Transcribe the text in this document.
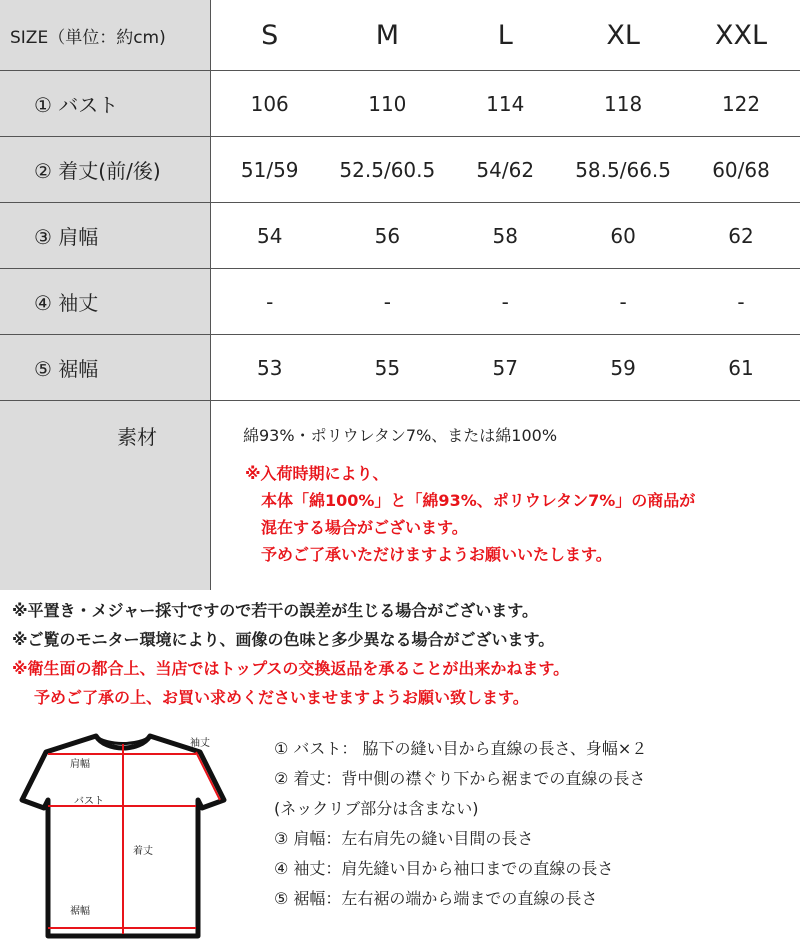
SIZE（単位：約cm)	S	M	L	XL	XXL
① バスト	106	110	114	118	122
② 着丈(前/後)	51/59	52.5/60.5	54/62	58.5/66.5	60/68
③ 肩幅	54	56	58	60	62
④ 袖丈	-	-	-	-	-
⑤ 裾幅	53	55	57	59	61
素材	綿93%・ポリウレタン7%、または綿100%
※入荷時期により、
　本体「綿100%」と「綿93%、ポリウレタン7%」の商品が
　混在する場合がございます。
　予めご了承いただけますようお願いいたします。				
※平置き・メジャー採寸ですので若干の誤差が生じる場合がございます。
※ご覧のモニター環境により、画像の色味と多少異なる場合がございます。
※衛生面の都合上、当店ではトップスの交換返品を承ることが出来かねます。
予めご了承の上、お買い求めくださいませますようお願い致します。
袖丈
肩幅
バスト
着丈
裾幅
① バスト： 脇下の縫い目から直線の長さ、身幅×２
② 着丈：背中側の襟ぐり下から裾までの直線の長さ
(ネックリブ部分は含まない)
③ 肩幅：左右肩先の縫い目間の長さ
④ 袖丈：肩先縫い目から袖口までの直線の長さ
⑤ 裾幅：左右裾の端から端までの直線の長さ
